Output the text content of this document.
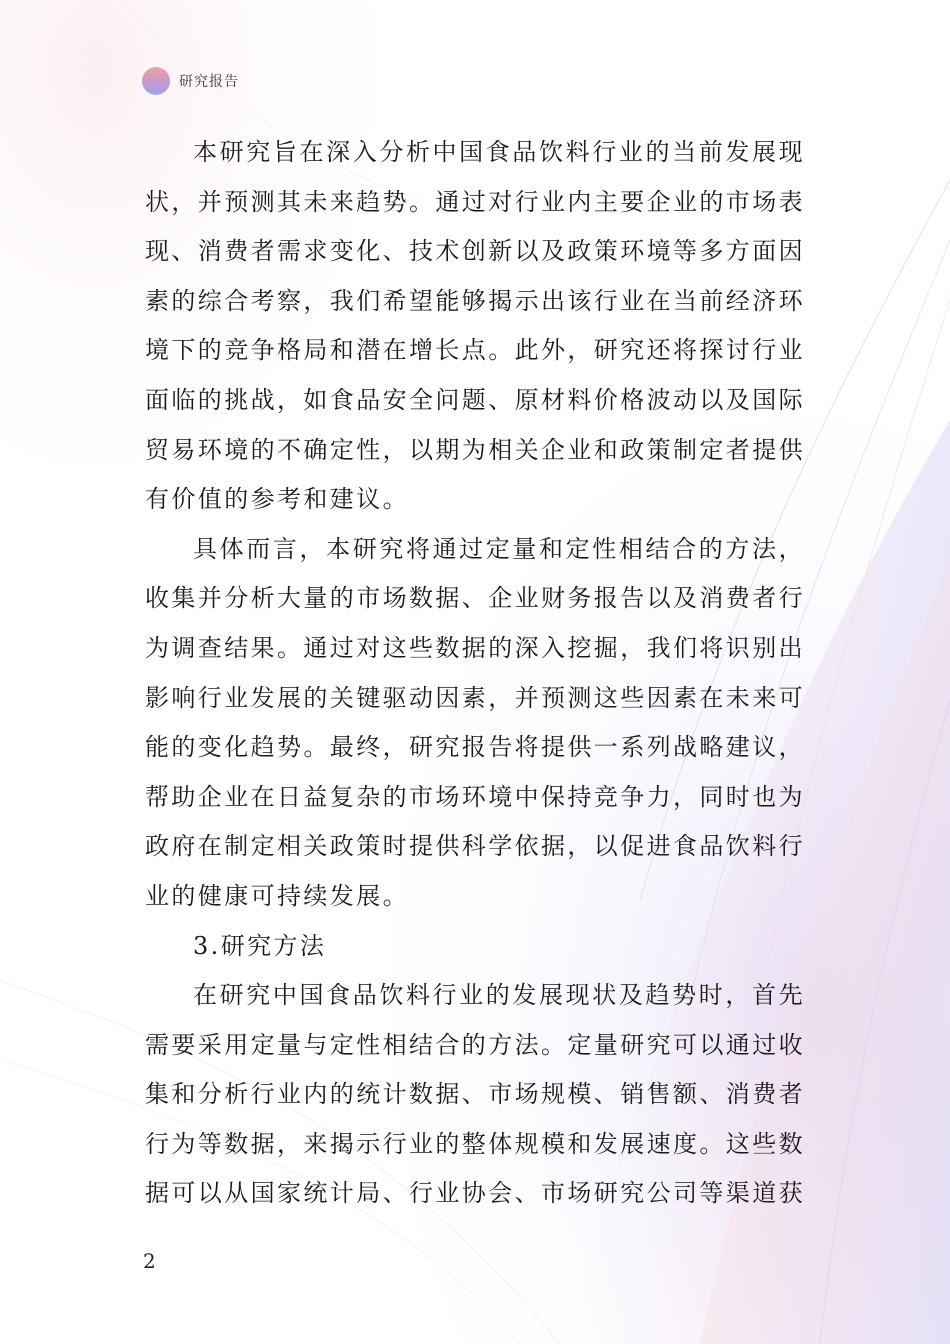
研究报告

本研究旨在深入分析中国食品饮料行业的当前发展现状，并预测其未来趋势。通过对行业内主要企业的市场表现、消费者需求变化、技术创新以及政策环境等多方面因素的综合考察，我们希望能够揭示出该行业在当前经济环境下的竞争格局和潜在增长点。此外，研究还将探讨行业面临的挑战，如食品安全问题、原材料价格波动以及国际贸易环境的不确定性，以期为相关企业和政策制定者提供有价值的参考和建议。

具体而言，本研究将通过定量和定性相结合的方法，收集并分析大量的市场数据、企业财务报告以及消费者行为调查结果。通过对这些数据的深入挖掘，我们将识别出影响行业发展的关键驱动因素，并预测这些因素在未来可能的变化趋势。最终，研究报告将提供一系列战略建议，帮助企业在日益复杂的市场环境中保持竞争力，同时也为政府在制定相关政策时提供科学依据，以促进食品饮料行业的健康可持续发展。

3.研究方法

在研究中国食品饮料行业的发展现状及趋势时，首先需要采用定量与定性相结合的方法。定量研究可以通过收集和分析行业内的统计数据、市场规模、销售额、消费者行为等数据，来揭示行业的整体规模和发展速度。这些数据可以从国家统计局、行业协会、市场研究公司等渠道获

2
